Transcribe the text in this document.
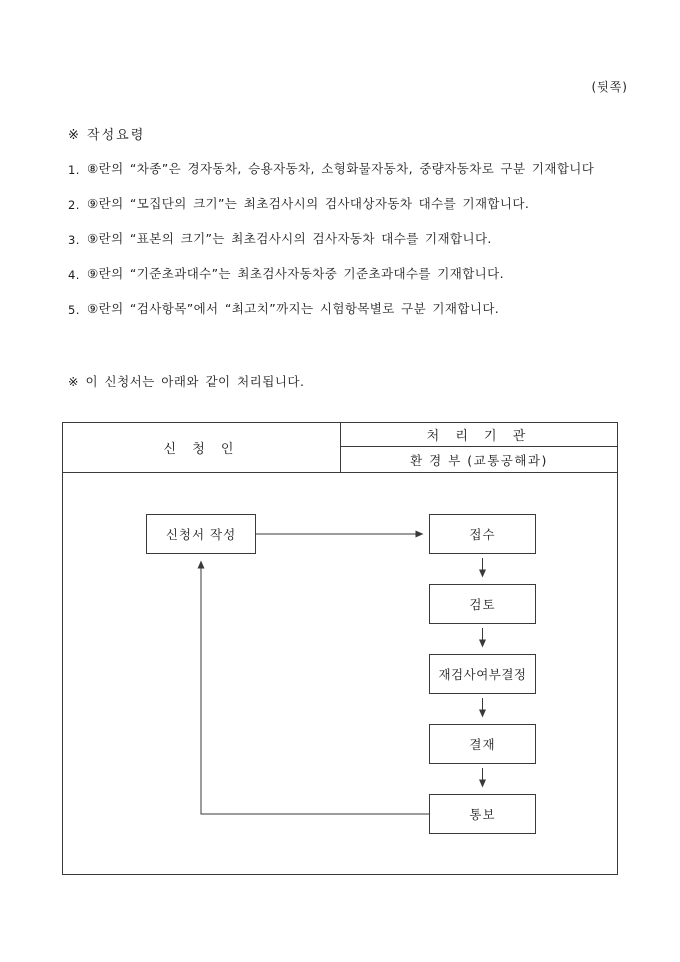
(뒷쪽)
※ 작성요령
1. ⑧란의 “차종”은 경자동차, 승용자동차, 소형화물자동차, 중량자동차로 구분 기재합니다
2. ⑨란의 “모집단의 크기”는 최초검사시의 검사대상자동차 대수를 기재합니다.
3. ⑨란의 “표본의 크기”는 최초검사시의 검사자동차 대수를 기재합니다.
4. ⑨란의 “기준초과대수”는 최초검사자동차중 기준초과대수를 기재합니다.
5. ⑨란의 “검사항목”에서 “최고치”까지는 시험항목별로 구분 기재합니다.
※ 이 신청서는 아래와 같이 처리됩니다.
신 청 인
처 리 기 관
환 경 부 (교통공해과)
신청서 작성	접수
검토
재검사여부결정
결재
통보
